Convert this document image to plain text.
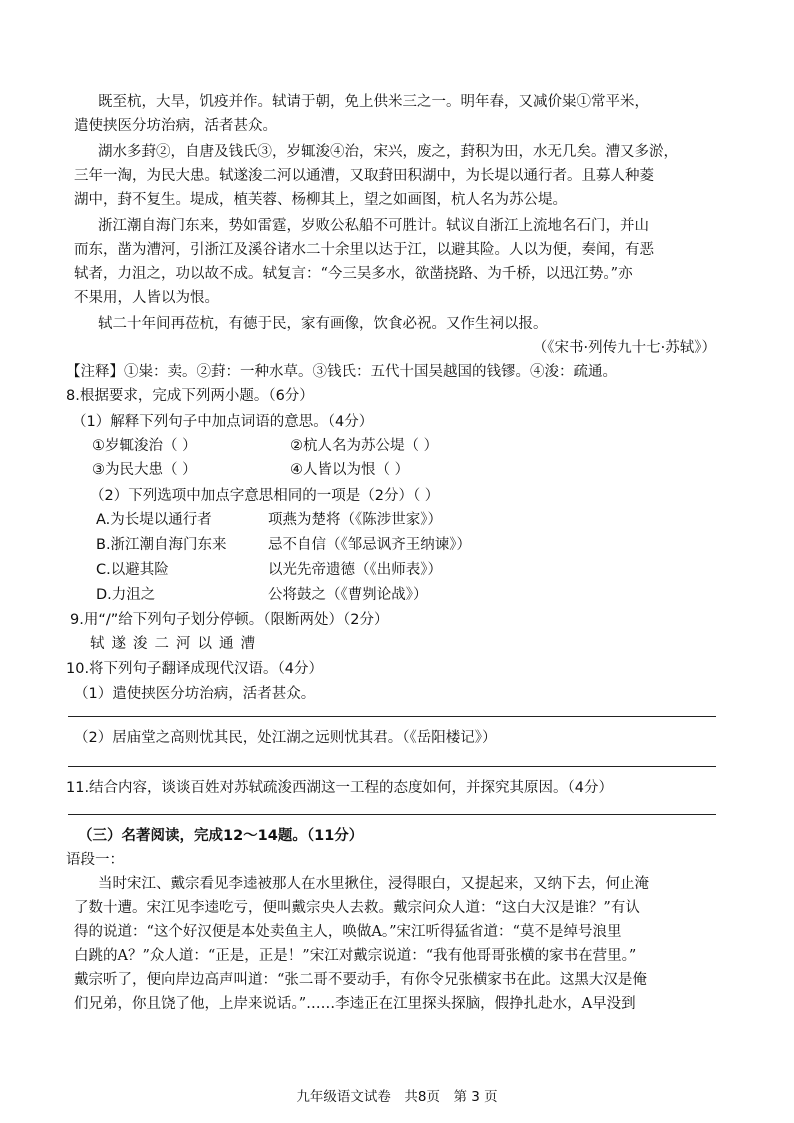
既至杭，大旱，饥疫并作。轼请于朝，免上供米三之一。明年春，又减价粜①常平米，
遣使挟医分坊治病，活者甚众。
湖水多葑②，自唐及钱氏③，岁辄浚④治，宋兴，废之，葑积为田，水无几矣。漕又多淤，
三年一淘，为民大患。轼遂浚二河以通漕，又取葑田积湖中，为长堤以通行者。且募人种菱
湖中，葑不复生。堤成，植芙蓉、杨柳其上，望之如画图，杭人名为苏公堤。
浙江潮自海门东来，势如雷霆，岁败公私船不可胜计。轼议自浙江上流地名石门，并山
而东，凿为漕河，引浙江及溪谷诸水二十余里以达于江，以避其险。人以为便，奏闻，有恶
轼者，力沮之，功以故不成。轼复言：“今三吴多水，欲凿挠路、为千桥，以迅江势。”亦
不果用，人皆以为恨。
轼二十年间再莅杭，有德于民，家有画像，饮食必祝。又作生祠以报。
（《宋书·列传九十七·苏轼》）
【注释】①粜：卖。②葑：一种水草。③钱氏：五代十国吴越国的钱镠。④浚：疏通。
8.根据要求，完成下列两小题。（6分）
（1）解释下列句子中加点词语的意思。（4分）
①岁辄浚治（ ）	②杭人名为苏公堤（ ）
③为民大患（ ）	④人皆以为恨（ ）
（2）下列选项中加点字意思相同的一项是（2分）（ ）
A.为长堤以通行者	项燕为楚将（《陈涉世家》）
B.浙江潮自海门东来	忌不自信（《邹忌讽齐王纳谏》）
C.以避其险	以光先帝遗德（《出师表》）
D.力沮之	公将鼓之（《曹刿论战》）
9.用“/”给下列句子划分停顿。（限断两处）（2分）
轼遂浚二河以通漕
10.将下列句子翻译成现代汉语。（4分）
（1）遣使挟医分坊治病，活者甚众。
（2）居庙堂之高则忧其民，处江湖之远则忧其君。（《岳阳楼记》）
11.结合内容，谈谈百姓对苏轼疏浚西湖这一工程的态度如何，并探究其原因。（4分）
（三）名著阅读，完成12～14题。（11分）
语段一：
当时宋江、戴宗看见李逵被那人在水里揪住，浸得眼白，又提起来，又纳下去，何止淹
了数十遭。宋江见李逵吃亏，便叫戴宗央人去救。戴宗问众人道：“这白大汉是谁？”有认
得的说道：“这个好汉便是本处卖鱼主人，唤做A。”宋江听得猛省道：“莫不是绰号浪里
白跳的A？”众人道：“正是，正是！”宋江对戴宗说道：“我有他哥哥张横的家书在营里。”
戴宗听了，便向岸边高声叫道：“张二哥不要动手，有你令兄张横家书在此。这黑大汉是俺
们兄弟，你且饶了他，上岸来说话。”……李逵正在江里探头探脑，假挣扎赴水，A早没到
九年级语文试卷　共8页　第 3 页
